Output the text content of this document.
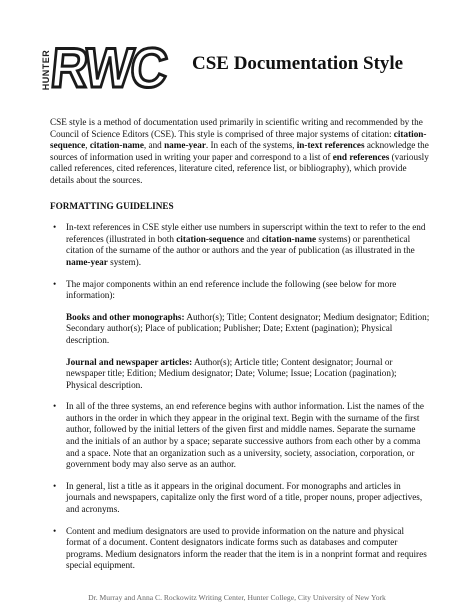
HUNTER
RWC CSE Documentation Style

CSE style is a method of documentation used primarily in scientific writing and recommended by the Council of Science Editors (CSE). This style is comprised of three major systems of citation: citation-sequence, citation-name, and name-year. In each of the systems, in-text references acknowledge the sources of information used in writing your paper and correspond to a list of end references (variously called references, cited references, literature cited, reference list, or bibliography), which provide details about the sources.

FORMATTING GUIDELINES
• In-text references in CSE style either use numbers in superscript within the text to refer to the end references (illustrated in both citation-sequence and citation-name systems) or parenthetical citation of the surname of the author or authors and the year of publication (as illustrated in the name-year system).

• The major components within an end reference include the following (see below for more information):

Books and other monographs: Author(s); Title; Content designator; Medium designator; Edition; Secondary author(s); Place of publication; Publisher; Date; Extent (pagination); Physical description.

Journal and newspaper articles: Author(s); Article title; Content designator; Journal or newspaper title; Edition; Medium designator; Date; Volume; Issue; Location (pagination); Physical description.

• In all of the three systems, an end reference begins with author information. List the names of the authors in the order in which they appear in the original text. Begin with the surname of the first author, followed by the initial letters of the given first and middle names. Separate the surname and the initials of an author by a space; separate successive authors from each other by a comma and a space. Note that an organization such as a university, society, association, corporation, or government body may also serve as an author.

• In general, list a title as it appears in the original document. For monographs and articles in journals and newspapers, capitalize only the first word of a title, proper nouns, proper adjectives, and acronyms.

• Content and medium designators are used to provide information on the nature and physical format of a document. Content designators indicate forms such as databases and computer programs. Medium designators inform the reader that the item is in a nonprint format and requires special equipment.

Dr. Murray and Anna C. Rockowitz Writing Center, Hunter College, City University of New York
